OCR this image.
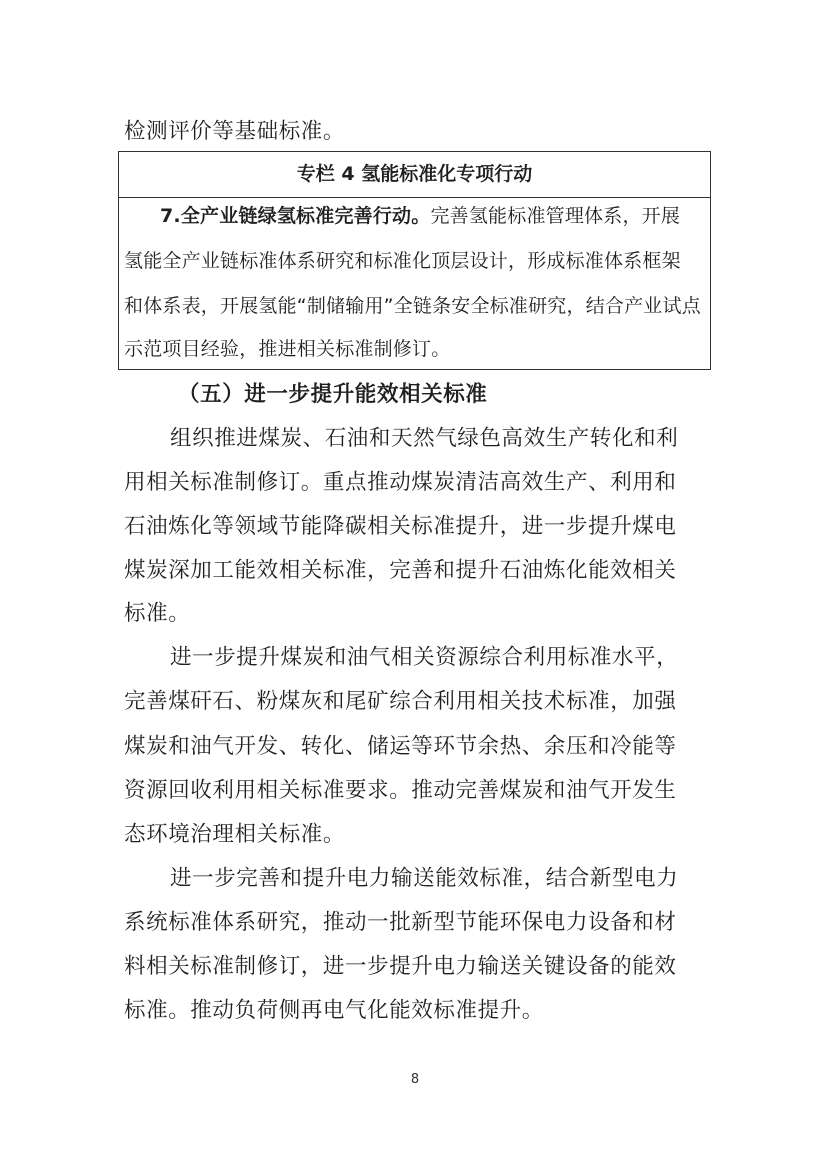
检测评价等基础标准。
专栏 4 氢能标准化专项行动
7.全产业链绿氢标准完善行动。完善氢能标准管理体系，开展
氢能全产业链标准体系研究和标准化顶层设计，形成标准体系框架
和体系表，开展氢能“制储输用”全链条安全标准研究，结合产业试点
示范项目经验，推进相关标准制修订。
（五）进一步提升能效相关标准
组织推进煤炭、石油和天然气绿色高效生产转化和利
用相关标准制修订。重点推动煤炭清洁高效生产、利用和
石油炼化等领域节能降碳相关标准提升，进一步提升煤电
煤炭深加工能效相关标准，完善和提升石油炼化能效相关
标准。
进一步提升煤炭和油气相关资源综合利用标准水平，
完善煤矸石、粉煤灰和尾矿综合利用相关技术标准，加强
煤炭和油气开发、转化、储运等环节余热、余压和冷能等
资源回收利用相关标准要求。推动完善煤炭和油气开发生
态环境治理相关标准。
进一步完善和提升电力输送能效标准，结合新型电力
系统标准体系研究，推动一批新型节能环保电力设备和材
料相关标准制修订，进一步提升电力输送关键设备的能效
标准。推动负荷侧再电气化能效标准提升。
8
